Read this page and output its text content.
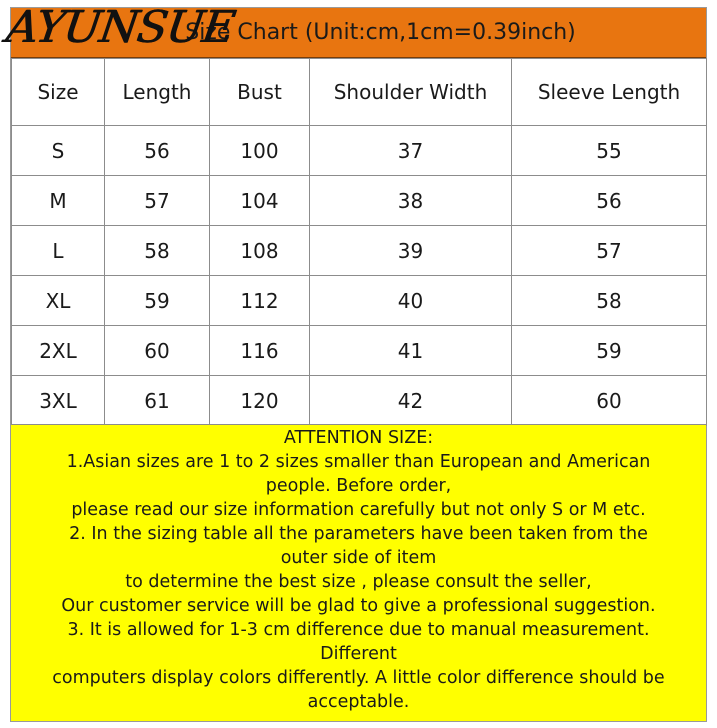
Size Chart (Unit:cm,1cm=0.39inch)
AYUNSUE
Size	Length	Bust	Shoulder Width	Sleeve Length
S	56	100	37	55
M	57	104	38	56
L	58	108	39	57
XL	59	112	40	58
2XL	60	116	41	59
3XL	61	120	42	60
ATTENTION SIZE:
1.Asian sizes are 1 to 2 sizes smaller than European and American
people. Before order,
please read our size information carefully but not only S or M etc.
2. In the sizing table all the parameters have been taken from the
outer side of item
to determine the best size , please consult the seller,
Our customer service will be glad to give a professional suggestion.
3. It is allowed for 1-3 cm difference due to manual measurement.
Different
computers display colors differently. A little color difference should be
acceptable.
